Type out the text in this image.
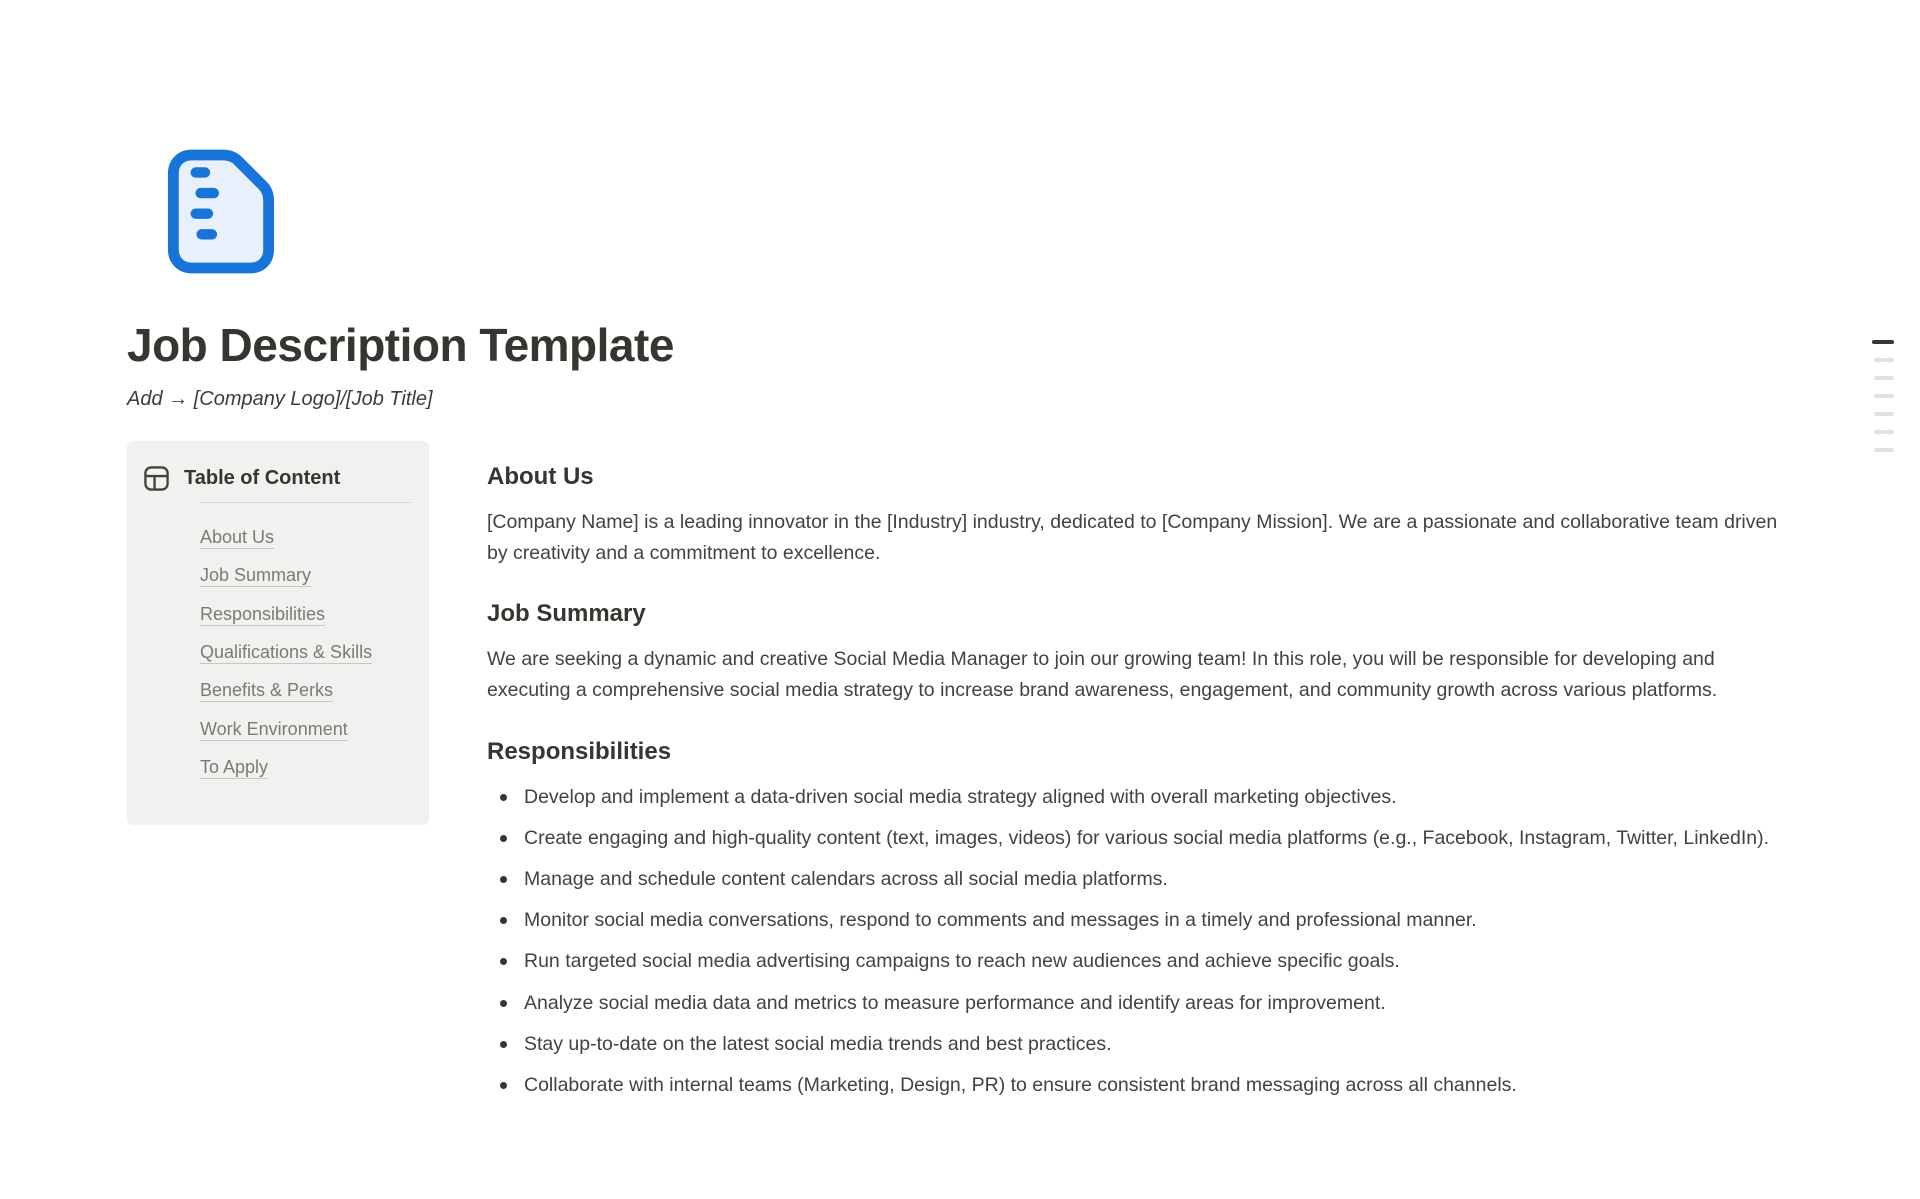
Job Description Template
Add → [Company Logo]/[Job Title]
Table of Content
About Us
Job Summary
Responsibilities
Qualifications & Skills
Benefits & Perks
Work Environment
To Apply
About Us

[Company Name] is a leading innovator in the [Industry] industry, dedicated to [Company Mission]. We are a passionate and collaborative team driven by creativity and a commitment to excellence.

Job Summary

We are seeking a dynamic and creative Social Media Manager to join our growing team! In this role, you will be responsible for developing and executing a comprehensive social media strategy to increase brand awareness, engagement, and community growth across various platforms.

Responsibilities
Develop and implement a data-driven social media strategy aligned with overall marketing objectives.
Create engaging and high-quality content (text, images, videos) for various social media platforms (e.g., Facebook, Instagram, Twitter, LinkedIn).
Manage and schedule content calendars across all social media platforms.
Monitor social media conversations, respond to comments and messages in a timely and professional manner.
Run targeted social media advertising campaigns to reach new audiences and achieve specific goals.
Analyze social media data and metrics to measure performance and identify areas for improvement.
Stay up-to-date on the latest social media trends and best practices.
Collaborate with internal teams (Marketing, Design, PR) to ensure consistent brand messaging across all channels.
